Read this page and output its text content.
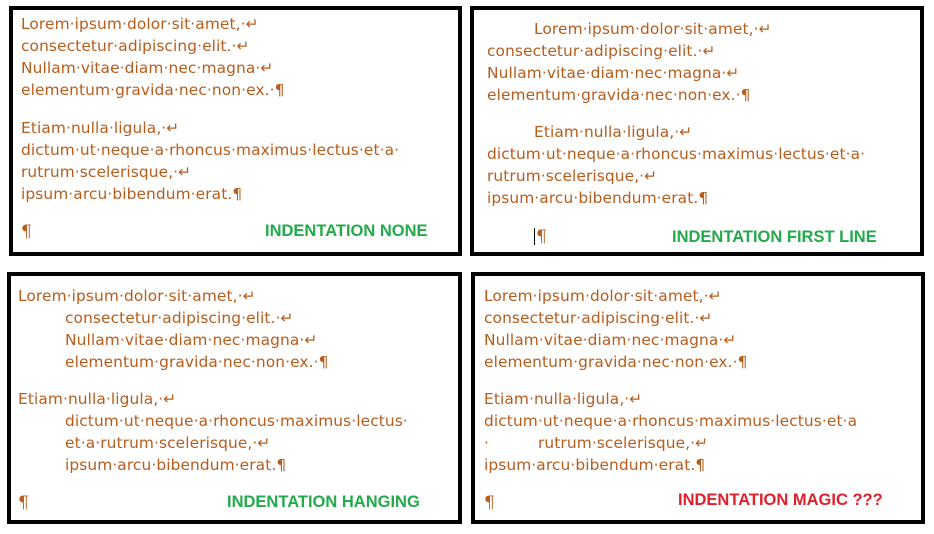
Lorem·ipsum·dolor·sit·amet,·↵
consectetur·adipiscing·elit.·↵
Nullam·vitae·diam·nec·magna·↵
elementum·gravida·nec·non·ex.·¶
Etiam·nulla·ligula,·↵
dictum·ut·neque·a·rhoncus·maximus·lectus·et·a·
rutrum·scelerisque,·↵
ipsum·arcu·bibendum·erat.¶
¶	INDENTATION NONE
Lorem·ipsum·dolor·sit·amet,·↵
consectetur·adipiscing·elit.·↵
Nullam·vitae·diam·nec·magna·↵
elementum·gravida·nec·non·ex.·¶
Etiam·nulla·ligula,·↵
dictum·ut·neque·a·rhoncus·maximus·lectus·et·a·
rutrum·scelerisque,·↵
ipsum·arcu·bibendum·erat.¶
¶	INDENTATION FIRST LINE
Lorem·ipsum·dolor·sit·amet,·↵
consectetur·adipiscing·elit.·↵
Nullam·vitae·diam·nec·magna·↵
elementum·gravida·nec·non·ex.·¶
Etiam·nulla·ligula,·↵
dictum·ut·neque·a·rhoncus·maximus·lectus·
et·a·rutrum·scelerisque,·↵
ipsum·arcu·bibendum·erat.¶
¶	INDENTATION HANGING
Lorem·ipsum·dolor·sit·amet,·↵
consectetur·adipiscing·elit.·↵
Nullam·vitae·diam·nec·magna·↵
elementum·gravida·nec·non·ex.·¶
Etiam·nulla·ligula,·↵
dictum·ut·neque·a·rhoncus·maximus·lectus·et·a
·	rutrum·scelerisque,·↵
ipsum·arcu·bibendum·erat.¶
¶	INDENTATION MAGIC ???
